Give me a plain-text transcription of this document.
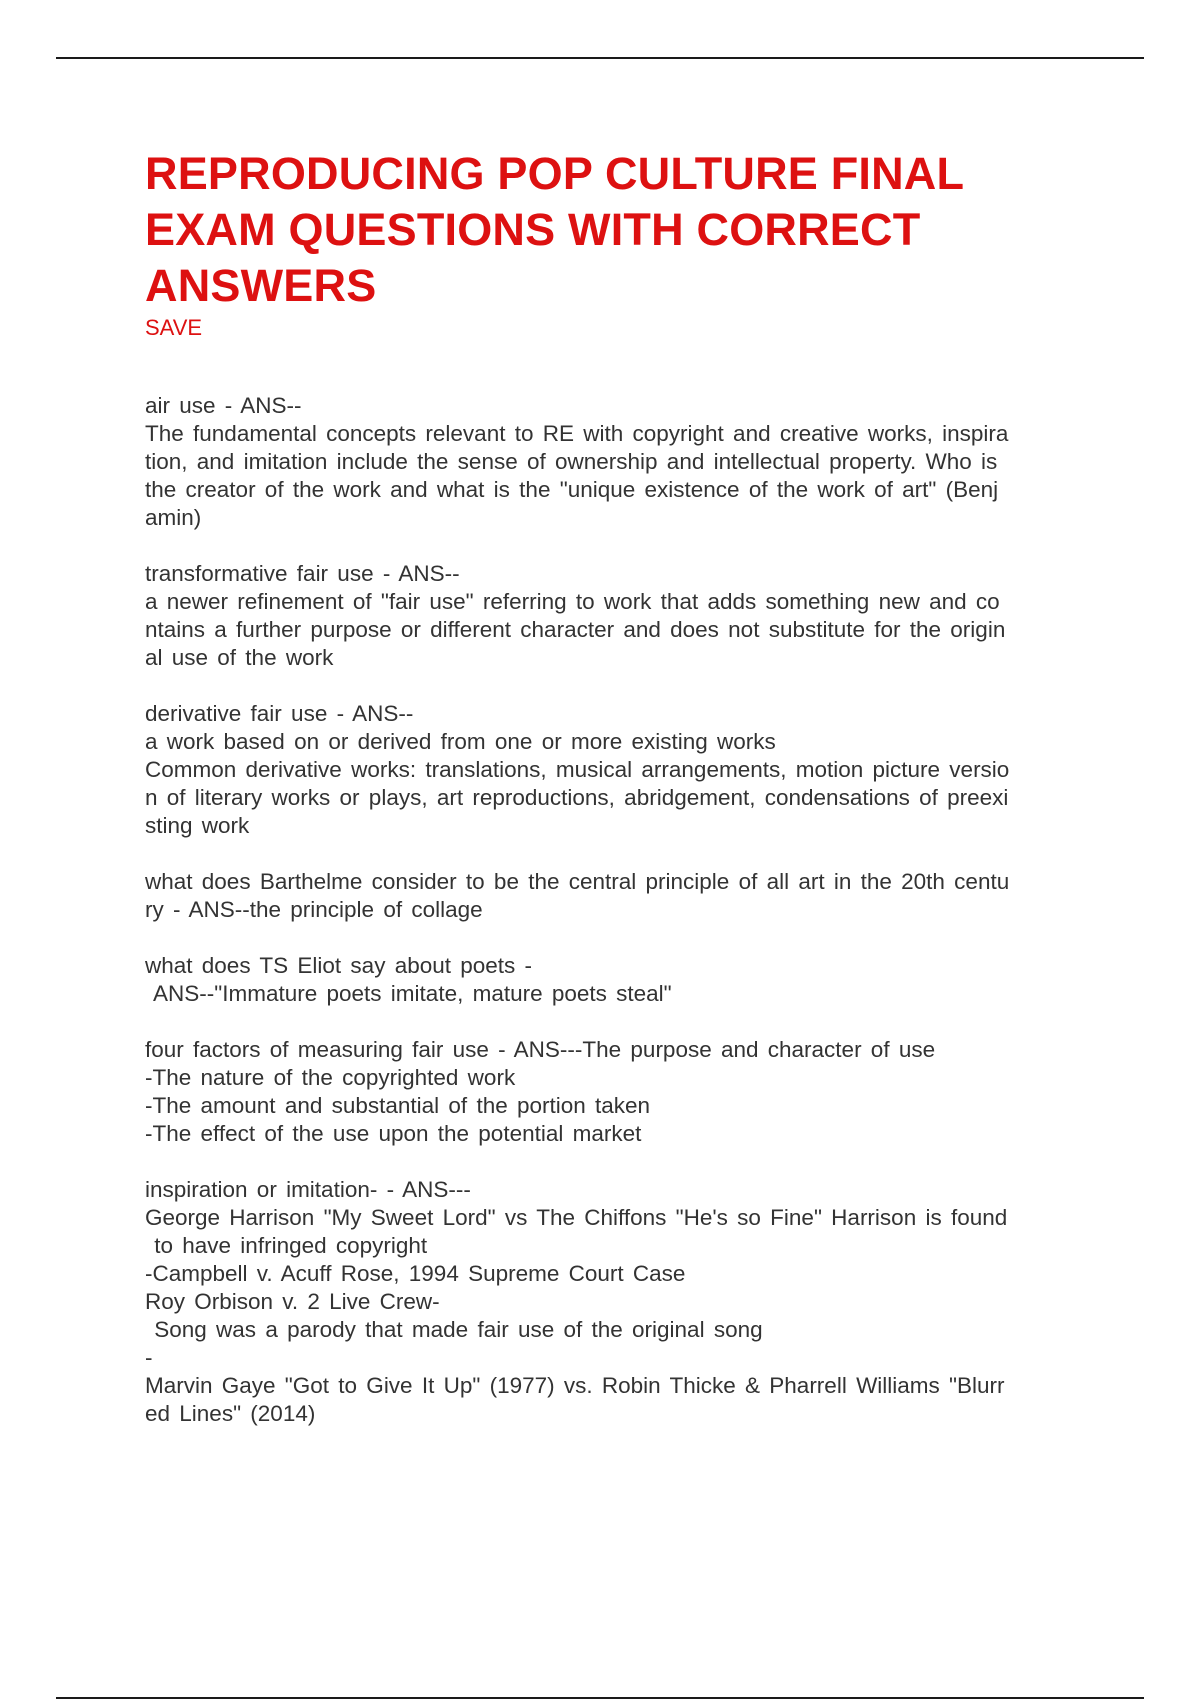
REPRODUCING POP CULTURE FINAL
EXAM QUESTIONS WITH CORRECT
ANSWERS
SAVE
air use - ANS--
The fundamental concepts relevant to RE with copyright and creative works, inspira
tion, and imitation include the sense of ownership and intellectual property. Who is
the creator of the work and what is the "unique existence of the work of art" (Benj
amin)
transformative fair use - ANS--
a newer refinement of "fair use" referring to work that adds something new and co
ntains a further purpose or different character and does not substitute for the origin
al use of the work
derivative fair use - ANS--
a work based on or derived from one or more existing works
Common derivative works: translations, musical arrangements, motion picture versio
n of literary works or plays, art reproductions, abridgement, condensations of preexi
sting work
what does Barthelme consider to be the central principle of all art in the 20th centu
ry - ANS--the principle of collage
what does TS Eliot say about poets -
ANS--"Immature poets imitate, mature poets steal"
four factors of measuring fair use - ANS---The purpose and character of use
-The nature of the copyrighted work
-The amount and substantial of the portion taken
-The effect of the use upon the potential market
inspiration or imitation- - ANS---
George Harrison "My Sweet Lord" vs The Chiffons "He's so Fine" Harrison is found
to have infringed copyright
-Campbell v. Acuff Rose, 1994 Supreme Court Case
Roy Orbison v. 2 Live Crew-
Song was a parody that made fair use of the original song
-
Marvin Gaye "Got to Give It Up" (1977) vs. Robin Thicke & Pharrell Williams "Blurr
ed Lines" (2014)
